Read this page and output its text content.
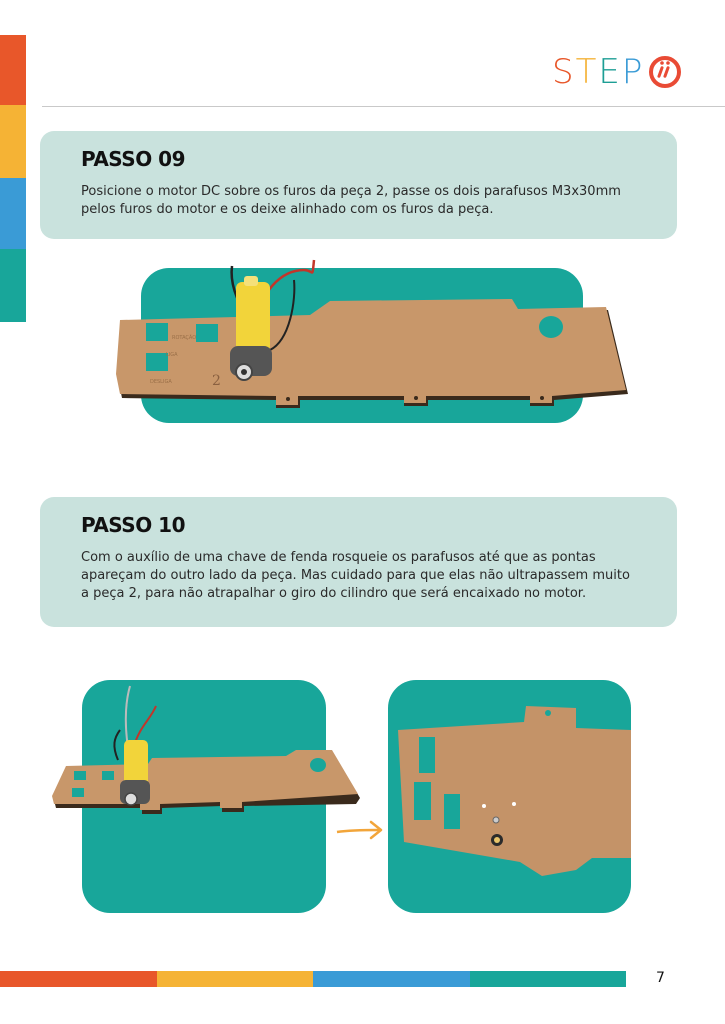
S T E P
PASSO 09

Posicione o motor DC sobre os furos da peça 2, passe os dois parafusos M3x30mm pelos furos do motor e os deixe alinhado com os furos da peça.

ROTAÇÃO
LIGA
DESLIGA	2
PASSO 10

Com o auxílio de uma chave de fenda rosqueie os parafusos até que as pontas apareçam do outro lado da peça. Mas cuidado para que elas não ultrapassem muito a peça 2, para não atrapalhar o giro do cilindro que será encaixado no motor.

7
